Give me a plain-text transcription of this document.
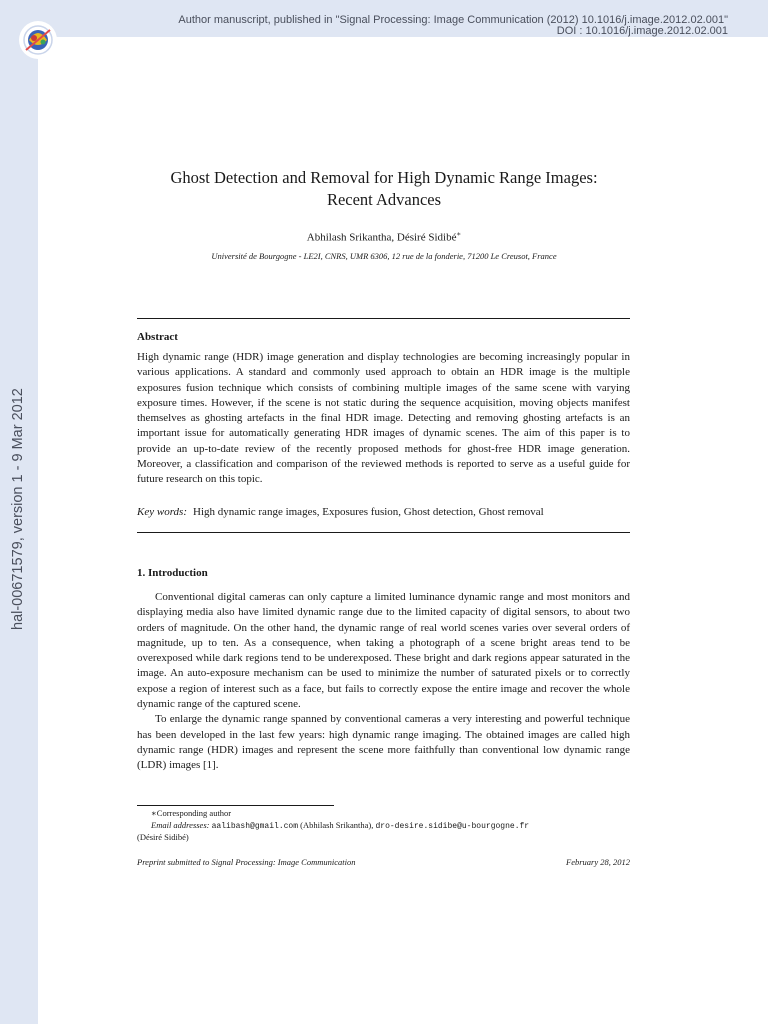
Author manuscript, published in "Signal Processing: Image Communication (2012) 10.1016/j.image.2012.02.001"
DOI : 10.1016/j.image.2012.02.001
hal-00671579, version 1 - 9 Mar 2012
Ghost Detection and Removal for High Dynamic Range Images:
Recent Advances
Abhilash Srikantha, Désiré Sidibé∗
Université de Bourgogne - LE2I, CNRS, UMR 6306, 12 rue de la fonderie, 71200 Le Creusot, France
Abstract
High dynamic range (HDR) image generation and display technologies are becoming increasingly popular in various applications. A standard and commonly used approach to obtain an HDR image is the multiple exposures fusion technique which consists of combining multiple images of the same scene with varying exposure times. However, if the scene is not static during the sequence acquisition, moving objects manifest themselves as ghosting artefacts in the final HDR image. Detecting and removing ghosting artefacts is an important issue for automatically generating HDR images of dynamic scenes. The aim of this paper is to provide an up-to-date review of the recently proposed methods for ghost-free HDR image generation. Moreover, a classification and comparison of the reviewed methods is reported to serve as a useful guide for future research on this topic.
Key words: High dynamic range images, Exposures fusion, Ghost detection, Ghost removal
1. Introduction

Conventional digital cameras can only capture a limited luminance dynamic range and most monitors and displaying media also have limited dynamic range due to the limited capacity of digital sensors, to about two orders of magnitude. On the other hand, the dynamic range of real world scenes varies over several orders of magnitude, up to ten. As a consequence, when taking a photograph of a scene bright areas tend to be overexposed while dark regions tend to be underexposed. These bright and dark regions appear saturated in the image. An auto-exposure mechanism can be used to minimize the number of saturated pixels or to correctly expose a region of interest such as a face, but fails to correctly expose the entire image and recover the whole dynamic range of the captured scene.

To enlarge the dynamic range spanned by conventional cameras a very interesting and powerful technique has been developed in the last few years: high dynamic range imaging. The obtained images are called high dynamic range (HDR) images and represent the scene more faithfully than conventional low dynamic range (LDR) images [1].

∗Corresponding author
Email addresses: aalibash@gmail.com (Abhilash Srikantha), dro-desire.sidibe@u-bourgogne.fr
(Désiré Sidibé)
Preprint submitted to Signal Processing: Image Communication	February 28, 2012
